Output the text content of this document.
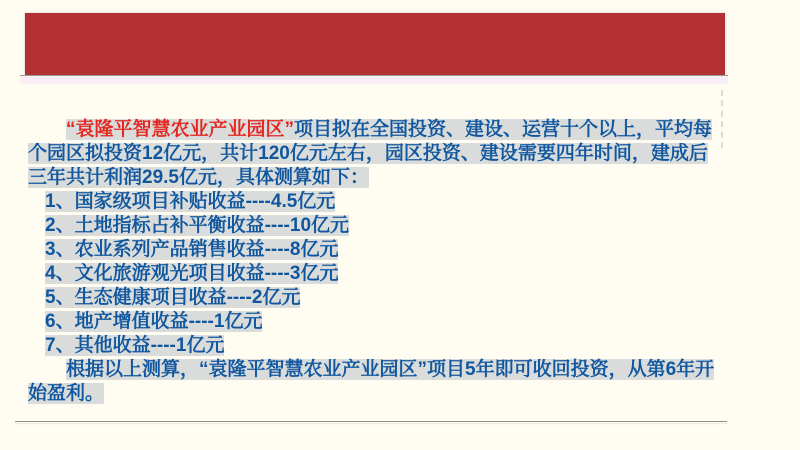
“袁隆平智慧农业产业园区”项目拟在全国投资、建设、运营十个以上，平均每个园区拟投资12亿元，共计120亿元左右，园区投资、建设需要四年时间，建成后三年共计利润29.5亿元，具体测算如下：

1、国家级项目补贴收益----4.5亿元
2、土地指标占补平衡收益----10亿元
3、农业系列产品销售收益----8亿元
4、文化旅游观光项目收益----3亿元
5、生态健康项目收益----2亿元
6、地产增值收益----1亿元
7、其他收益----1亿元

根据以上测算，“袁隆平智慧农业产业园区”项目5年即可收回投资，从第6年开始盈利。
